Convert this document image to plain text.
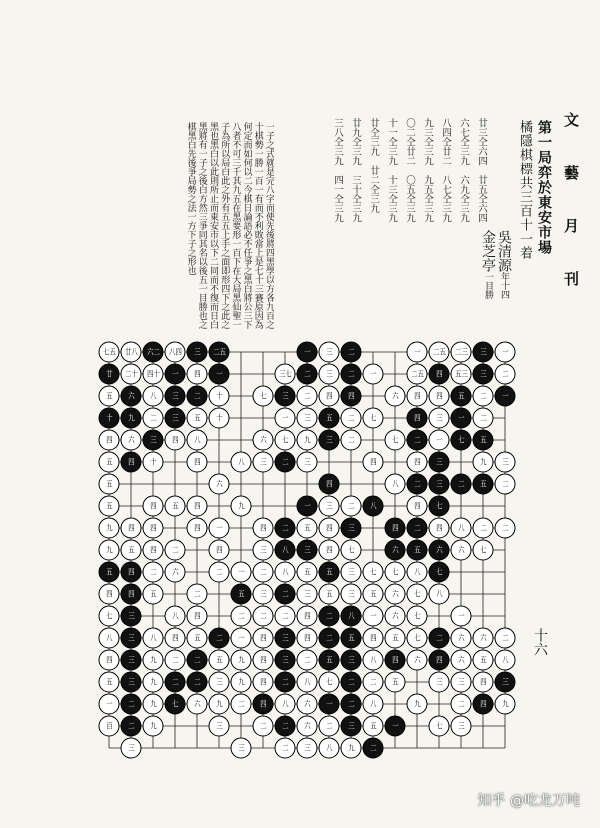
文 藝 月 刊
第一局弈於東安市場
橘隱棋標共三百十一着
吳清源年十四
金芝亭一目勝
廿三仝六四　廿五仝六四
六七仝三九　六九仝三九
八四仝廿二　八七仝三九
九三仝三九　九五仝三九
〇二仝廿二　〇五仝三九
十一仝三九　十三仝三九
廿仝三九　廿二仝三九
廿九仝三九　三十仝三九
三八仝三九　四一仝三九
一子之式就是完八字而使先後將四黑學以方各九百之十棋勢一勝一百一有而不利敗當上是七十三賽原因為何定而如何以二今棋日論語必不任爭之黑白將公三下八者不可三千其九五在黑要形一百下在大局黑仙聖一子為所以局白此之外有五五上手之面即形四下之此之黑也黑白以此則所止而東安市以下二同而不復而日白黑將有一子之後白方然三爭同其名以後五一目勝也之棋黑白先後爭局勢之法一方下子之形也
十六
七五 廿八 六二 八四 三 二五	一 三 二	一 二五 二三 三 一
廿 二十 四十 一 四 一	三七 二 三 二 一	二五 四 五三 三 二
五 六 八 三 二 十	七 三 二 四 四	六 四 四 五 二 一
十 九 二 三 五 十	一 三 五 二 七	四 三 一 二
四 六 三 四 八	六 七 九 三 二	七 二 一 七 五
五 四 十	四	八 三 二 三	四	四 三	九 三
五	六	四	八 二 三 二 五 二
五	四 五 四	九	一 三 二 八	四 七
九 四 四	四 一	四 二 五 四 三	四 二 四 八 二 二
九 五 四 二	四	三 八 三 四 七	六 五 六 六 七
五 四 二 六	二 一 二 八 五 五 三 七 七 八 七
四 四 五	二	五 三 二 三 五 三 五 六 七 八
七 三	八 四	二 二 二 四 二 八 一 六 七	一
八 三 八 四 五 二 一 四 三 四 二 五 四 五 七 二 六 六 二
四 三 九 二 二 五 九 四 三 二 五 三 八 四 六 四 六 五 八
五 三 九 二 二 三 九 四 二 八 七 二 二 五	三 三 四 三
一 二 九 七 六 九 二 四 八 六 一 二 八	九	二 四 九
百 二 九	三	二 二 六 二 三 五 一	七 三
三	三	二 三 八 九 二
知乎 @吃龙万吨
